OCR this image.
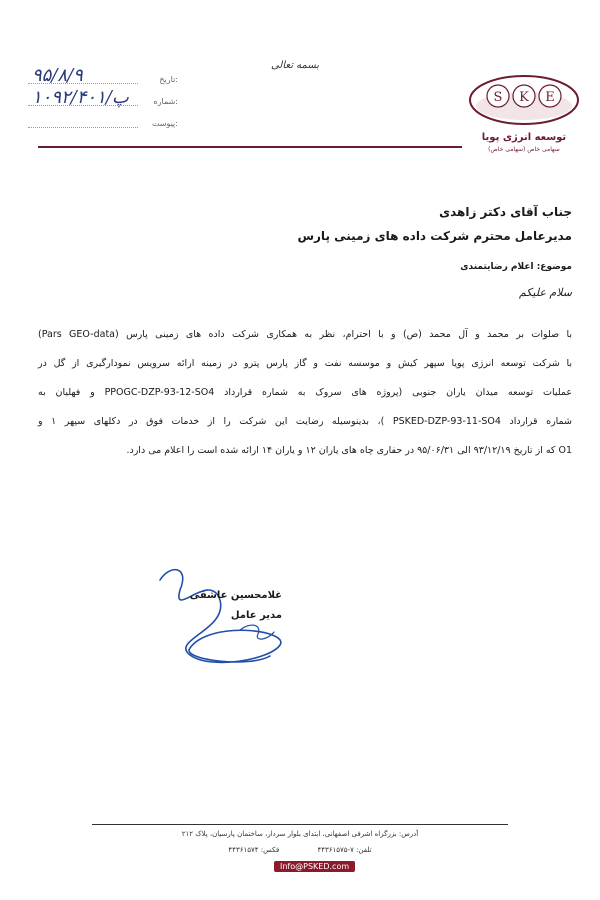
بسمه تعالی
۹۵/۸/۹	تاریخ:
۱۰۹۲/۴۰۱/پ	شماره:
پیوست:
S K E
توسعه انرژی پویا
سهامی خاص (سهامی خاص)
جناب آقای دکتر زاهدی
مدیرعامل محترم شرکت داده های زمینی پارس
موضوع: اعلام رضایتمندی
سلام علیکم
با صلوات بر محمد و آل محمد (ص) و با احترام، نظر به همکاری شرکت داده های زمینی پارس (Pars GEO-data)
با شرکت توسعه انرژی پویا سپهر کیش و موسسه نفت و گاز پارس پترو در زمینه ارائه سرویس نمودارگیری از گل در
عملیات توسعه میدان یاران جنوبی (پروژه های سروک به شماره قرارداد PPOGC-DZP-93-12-SO4 و فهلیان به
شماره قرارداد PSKED-DZP-93-11-SO4 )، بدینوسیله رضایت این شرکت را از خدمات فوق در دکلهای سپهر ۱ و
O1 که از تاریخ ۹۳/۱۲/۱۹ الی ۹۵/۰۶/۳۱ در حفاری چاه های یاران ۱۲ و یاران ۱۴ ارائه شده است را اعلام می دارد.
غلامحسین عاشقی
مدیر عامل
آدرس: بزرگراه اشرفی اصفهانی، ابتدای بلوار سردار، ساختمان پارسیان، پلاک ۲۱۲
تلفن: ۷-۴۴۳۶۱۵۷۵ فکس: ۴۴۳۶۱۵۷۴
Info@PSKED.com
